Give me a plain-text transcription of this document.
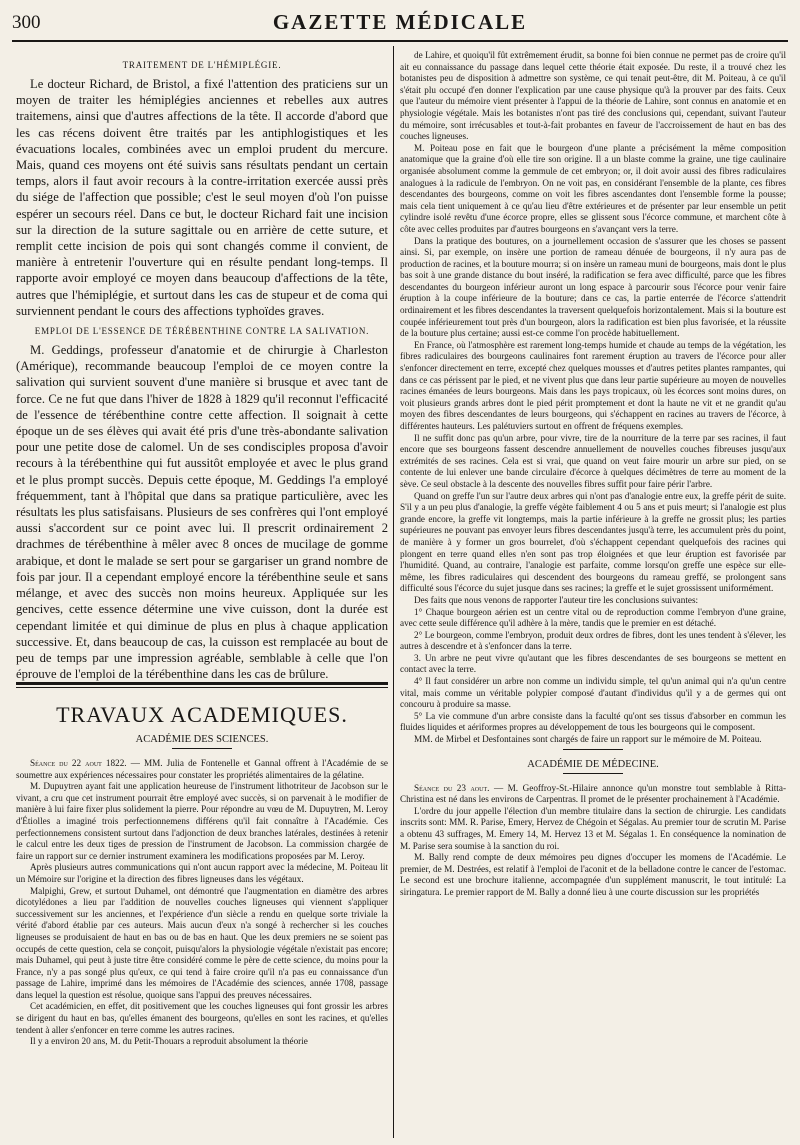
300	GAZETTE MÉDICALE
TRAITEMENT DE L'HÉMIPLÉGIE.

Le docteur Richard, de Bristol, a fixé l'attention des praticiens sur un moyen de traiter les hémiplégies anciennes et rebelles aux autres traitemens, ainsi que d'autres affections de la tête. Il accorde d'abord que les cas récens doivent être traités par les antiphlogistiques et les évacuations locales, combinées avec un emploi prudent du mercure. Mais, quand ces moyens ont été suivis sans résultats pendant un certain temps, alors il faut avoir recours à la contre-irritation exercée aussi près du siége de l'affection que possible; c'est le seul moyen d'où l'on puisse espérer un secours réel. Dans ce but, le docteur Richard fait une incision sur la direction de la suture sagittale ou en arrière de cette suture, et remplit cette incision de pois qui sont changés comme il convient, de manière à entretenir l'ouverture qui en résulte pendant long-temps. Il rapporte avoir employé ce moyen dans beaucoup d'affections de la tête, autres que l'hémiplégie, et surtout dans les cas de stupeur et de coma qui surviennent pendant le cours des affections typhoïdes graves.

EMPLOI DE L'ESSENCE DE TÉRÉBENTHINE CONTRE LA SALIVATION.

M. Geddings, professeur d'anatomie et de chirurgie à Charleston (Amérique), recommande beaucoup l'emploi de ce moyen contre la salivation qui survient souvent d'une manière si brusque et avec tant de force. Ce ne fut que dans l'hiver de 1828 à 1829 qu'il reconnut l'efficacité de l'essence de térébenthine contre cette affection. Il soignait à cette époque un de ses élèves qui avait été pris d'une très-abondante salivation pour une petite dose de calomel. Un de ses condisciples proposa d'avoir recours à la térébenthine qui fut aussitôt employée et avec le plus grand et le plus prompt succès. Depuis cette époque, M. Geddings l'a employé fréquemment, tant à l'hôpital que dans sa pratique particulière, avec les résultats les plus satisfaisans. Plusieurs de ses confrères qui l'ont employé aussi s'accordent sur ce point avec lui. Il prescrit ordinairement 2 drachmes de térébenthine à mêler avec 8 onces de mucilage de gomme arabique, et dont le malade se sert pour se gargariser un grand nombre de fois par jour. Il a cependant employé encore la térébenthine seule et sans mélange, et avec des succès non moins heureux. Appliquée sur les gencives, cette essence détermine une vive cuisson, dont la durée est cependant limitée et qui diminue de plus en plus à chaque application successive. Et, dans beaucoup de cas, la cuisson est remplacée au bout de peu de temps par une impression agréable, semblable à celle que l'on éprouve de l'emploi de la térébenthine dans les cas de brûlure.

TRAVAUX ACADEMIQUES.
ACADÉMIE DES SCIENCES.

Séance du 22 aout 1822. — MM. Julia de Fontenelle et Gannal offrent à l'Académie de se soumettre aux expériences nécessaires pour constater les propriétés alimentaires de la gélatine.

M. Dupuytren ayant fait une application heureuse de l'instrument lithotriteur de Jacobson sur le vivant, a cru que cet instrument pourrait être employé avec succès, si on parvenait à le modifier de manière à lui faire fixer plus solidement la pierre. Pour répondre au vœu de M. Dupuytren, M. Leroy d'Étiolles a imaginé trois perfectionnemens différens qu'il fait connaître à l'Académie. Ces perfectionnemens consistent surtout dans l'adjonction de deux branches latérales, destinées à retenir le calcul entre les deux tiges de pression de l'instrument de Jacobson. La commission chargée de faire un rapport sur ce dernier instrument examinera les modifications proposées par M. Leroy.

Après plusieurs autres communications qui n'ont aucun rapport avec la médecine, M. Poiteau lit un Mémoire sur l'origine et la direction des fibres ligneuses dans les végétaux.

Malpighi, Grew, et surtout Duhamel, ont démontré que l'augmentation en diamètre des arbres dicotylédones a lieu par l'addition de nouvelles couches ligneuses qui viennent s'appliquer successivement sur les anciennes, et l'expérience d'un siècle a rendu en quelque sorte triviale la vérité d'abord établie par ces auteurs. Mais aucun d'eux n'a songé à rechercher si les couches ligneuses se produisaient de haut en bas ou de bas en haut. Que les deux premiers ne se soient pas occupés de cette question, cela se conçoit, puisqu'alors la physiologie végétale n'existait pas encore; mais Duhamel, qui peut à juste titre être considéré comme le père de cette science, du moins pour la France, n'y a pas songé plus qu'eux, ce qui tend à faire croire qu'il n'a pas eu connaissance d'un passage de Lahire, imprimé dans les mémoires de l'Académie des sciences, année 1708, passage dans lequel la question est résolue, quoique sans l'appui des preuves nécessaires.

Cet académicien, en effet, dit positivement que les couches ligneuses qui font grossir les arbres se dirigent du haut en bas, qu'elles émanent des bourgeons, qu'elles en sont les racines, et qu'elles tendent à aller s'enfoncer en terre comme les autres racines.

Il y a environ 20 ans, M. du Petit-Thouars a reproduit absolument la théorie

de Lahire, et quoiqu'il fût extrêmement érudit, sa bonne foi bien connue ne permet pas de croire qu'il ait eu connaissance du passage dans lequel cette théorie était exposée. Du reste, il a trouvé chez les botanistes peu de disposition à admettre son système, ce qui tenait peut-être, dit M. Poiteau, à ce qu'il s'était plu occupé d'en donner l'explication par une cause physique qu'à la prouver par des faits. Ceux que l'auteur du mémoire vient présenter à l'appui de la théorie de Lahire, sont connus en anatomie et en physiologie végétale. Mais les botanistes n'ont pas tiré des conclusions qui, cependant, suivant l'auteur du mémoire, sont irrécusables et tout-à-fait probantes en faveur de l'accroissement de haut en bas des couches ligneuses.

M. Poiteau pose en fait que le bourgeon d'une plante a précisément la même composition anatomique que la graine d'où elle tire son origine. Il a un blaste comme la graine, une tige caulinaire organisée absolument comme la gemmule de cet embryon; or, il doit avoir aussi des fibres radiculaires analogues à la radicule de l'embryon. On ne voit pas, en considérant l'ensemble de la plante, ces fibres descendantes des bourgeons, comme on voit les fibres ascendantes dont l'ensemble forme la pousse; mais cela tient uniquement à ce qu'au lieu d'être extérieures et de présenter par leur ensemble un petit cylindre isolé revêtu d'une écorce propre, elles se glissent sous l'écorce commune, et marchent côte à côte avec celles produites par d'autres bourgeons en s'avançant vers la terre.

Dans la pratique des boutures, on a journellement occasion de s'assurer que les choses se passent ainsi. Si, par exemple, on insère une portion de rameau dénuée de bourgeons, il n'y aura pas de production de racines, et la bouture mourra; si on insère un rameau muni de bourgeons, mais dont le plus bas soit à une grande distance du bout inséré, la radification se fera avec difficulté, parce que les fibres descendantes du bourgeon inférieur auront un long espace à parcourir sous l'écorce pour venir faire éruption à la coupe inférieure de la bouture; dans ce cas, la partie enterrée de l'écorce s'attendrit ordinairement et les fibres descendantes la traversent quelquefois horizontalement. Mais si la bouture est coupée inférieurement tout près d'un bourgeon, alors la radification est bien plus favorisée, et la réussite de la bouture plus certaine; aussi est-ce comme l'on procède habituellement.

En France, où l'atmosphère est rarement long-temps humide et chaude au temps de la végétation, les fibres radiculaires des bourgeons caulinaires font rarement éruption au travers de l'écorce pour aller s'enfoncer directement en terre, excepté chez quelques mousses et d'autres petites plantes rampantes, qui dans ce cas périssent par le pied, et ne vivent plus que dans leur partie supérieure au moyen de nouvelles racines émanées de leurs bourgeons. Mais dans les pays tropicaux, où les écorces sont moins dures, on voit plusieurs grands arbres dont le pied périt promptement et dont la haute ne vit et ne grandit qu'au moyen des fibres descendantes de leurs bourgeons, qui s'échappent en racines au travers de l'écorce, à différentes hauteurs. Les palétuviers surtout en offrent de fréquens exemples.

Il ne suffit donc pas qu'un arbre, pour vivre, tire de la nourriture de la terre par ses racines, il faut encore que ses bourgeons fassent descendre annuellement de nouvelles couches fibreuses jusqu'aux extrémités de ses racines. Cela est si vrai, que quand on veut faire mourir un arbre sur pied, on se contente de lui enlever une bande circulaire d'écorce à quelques décimètres de terre au moment de la sève. Ce seul obstacle à la descente des nouvelles fibres suffit pour faire périr l'arbre.

Quand on greffe l'un sur l'autre deux arbres qui n'ont pas d'analogie entre eux, la greffe périt de suite. S'il y a un peu plus d'analogie, la greffe végète faiblement 4 ou 5 ans et puis meurt; si l'analogie est plus grande encore, la greffe vit longtemps, mais la partie inférieure à la greffe ne grossit plus; les parties supérieures ne pouvant pas envoyer leurs fibres descendantes jusqu'à terre, les accumulent près du point, de manière à y former un gros bourrelet, d'où s'échappent cependant quelquefois des racines qui plongent en terre quand elles n'en sont pas trop éloignées et que leur éruption est favorisée par l'humidité. Quand, au contraire, l'analogie est parfaite, comme lorsqu'on greffe une espèce sur elle-même, les fibres radiculaires qui descendent des bourgeons du rameau greffé, se prolongent sans difficulté sous l'écorce du sujet jusque dans ses racines; la greffe et le sujet grossissent uniformément.

Des faits que nous venons de rapporter l'auteur tire les conclusions suivantes:

1° Chaque bourgeon aérien est un centre vital ou de reproduction comme l'embryon d'une graine, avec cette seule différence qu'il adhère à la mère, tandis que le premier en est détaché.

2° Le bourgeon, comme l'embryon, produit deux ordres de fibres, dont les unes tendent à s'élever, les autres à descendre et à s'enfoncer dans la terre.

3. Un arbre ne peut vivre qu'autant que les fibres descendantes de ses bourgeons se mettent en contact avec la terre.

4° Il faut considérer un arbre non comme un individu simple, tel qu'un animal qui n'a qu'un centre vital, mais comme un véritable polypier composé d'autant d'individus qu'il y a de germes qui ont concouru à produire sa masse.

5° La vie commune d'un arbre consiste dans la faculté qu'ont ses tissus d'absorber en commun les fluides liquides et aériformes propres au développement de tous les bourgeons qui le composent.

MM. de Mirbel et Desfontaines sont chargés de faire un rapport sur le mémoire de M. Poiteau.

ACADÉMIE DE MÉDECINE.

Séance du 23 aout. — M. Geoffroy-St.-Hilaire annonce qu'un monstre tout semblable à Ritta-Christina est né dans les environs de Carpentras. Il promet de le présenter prochainement à l'Académie.

L'ordre du jour appelle l'élection d'un membre titulaire dans la section de chirurgie. Les candidats inscrits sont: MM. R. Parise, Emery, Hervez de Chégoin et Ségalas. Au premier tour de scrutin M. Parise a obtenu 43 suffrages, M. Emery 14, M. Hervez 13 et M. Ségalas 1. En conséquence la nomination de M. Parise sera soumise à la sanction du roi.

M. Bally rend compte de deux mémoires peu dignes d'occuper les momens de l'Académie. Le premier, de M. Destrées, est relatif à l'emploi de l'aconit et de la belladone contre le cancer de l'estomac. Le second est une brochure italienne, accompagnée d'un supplément manuscrit, le tout intitulé: La siringatura. Le premier rapport de M. Bally a donné lieu à une courte discussion sur les propriétés
